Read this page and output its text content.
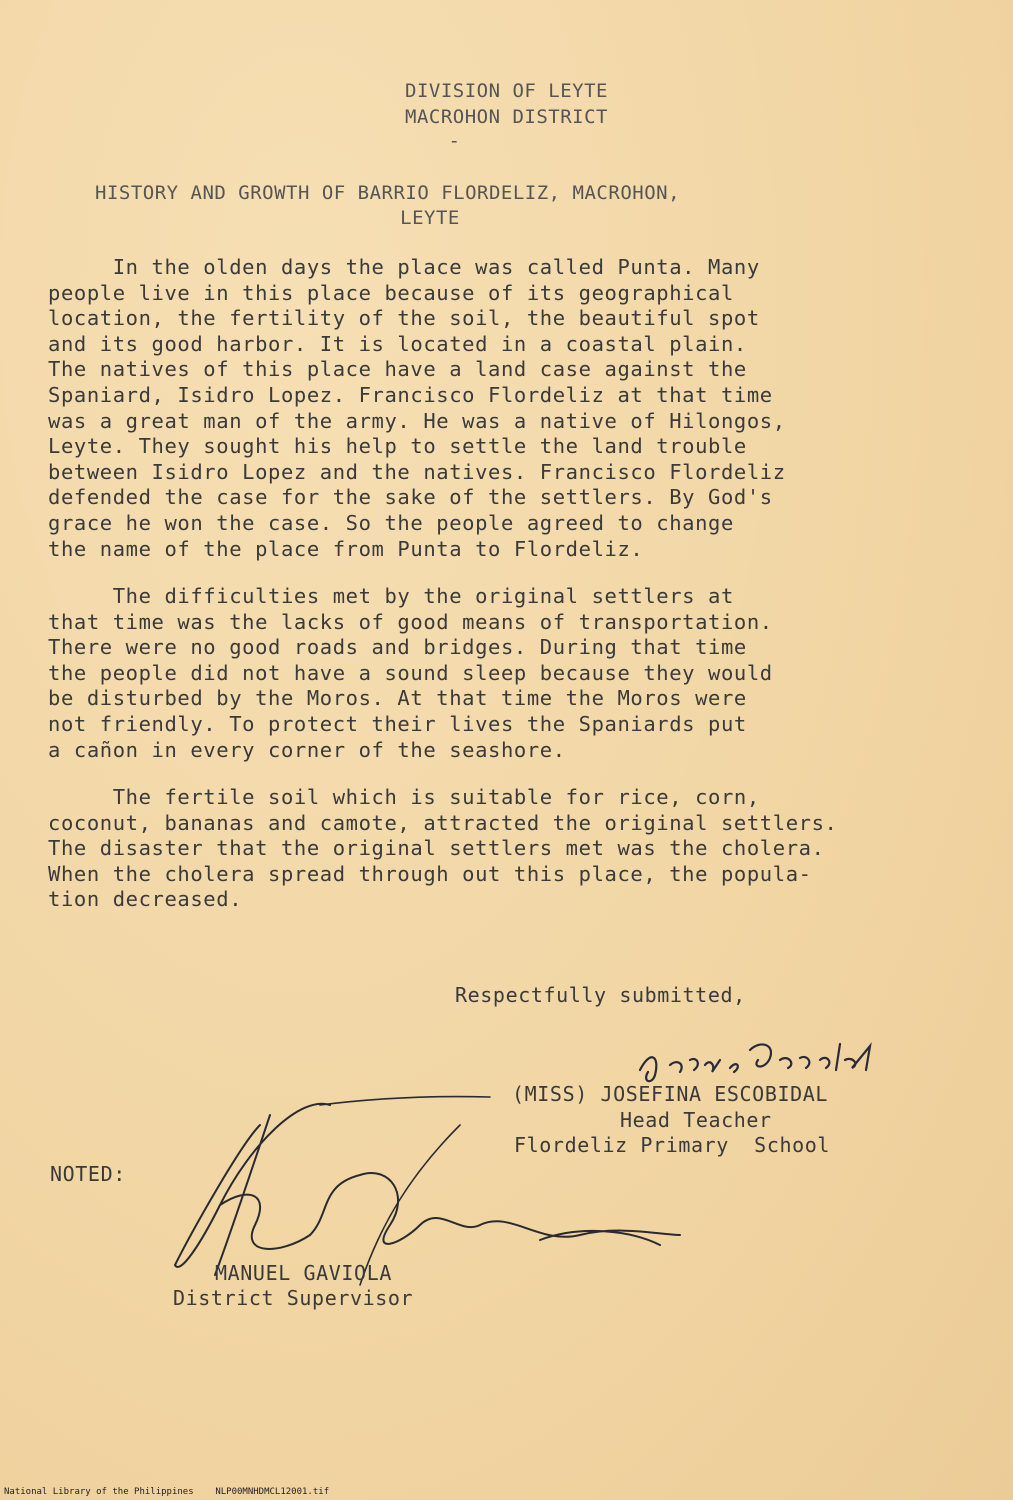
DIVISION OF LEYTE
MACROHON DISTRICT
-
HISTORY AND GROWTH OF BARRIO FLORDELIZ, MACROHON,
LEYTE
In the olden days the place was called Punta. Many
people live in this place because of its geographical
location, the fertility of the soil, the beautiful spot
and its good harbor. It is located in a coastal plain.
The natives of this place have a land case against the
Spaniard, Isidro Lopez. Francisco Flordeliz at that time
was a great man of the army. He was a native of Hilongos,
Leyte. They sought his help to settle the land trouble
between Isidro Lopez and the natives. Francisco Flordeliz
defended the case for the sake of the settlers. By God's
grace he won the case. So the people agreed to change
the name of the place from Punta to Flordeliz.
The difficulties met by the original settlers at
that time was the lacks of good means of transportation.
There were no good roads and bridges. During that time
the people did not have a sound sleep because they would
be disturbed by the Moros. At that time the Moros were
not friendly. To protect their lives the Spaniards put
a cañon in every corner of the seashore.
The fertile soil which is suitable for rice, corn,
coconut, bananas and camote, attracted the original settlers.
The disaster that the original settlers met was the cholera.
When the cholera spread through out this place, the popula-
tion decreased.
Respectfully submitted,
(MISS) JOSEFINA ESCOBIDAL
Head Teacher
Flordeliz Primary  School
NOTED:
MANUEL GAVIOLA
District Supervisor
National Library of the Philippines    NLP00MNHDMCL12001.tif
